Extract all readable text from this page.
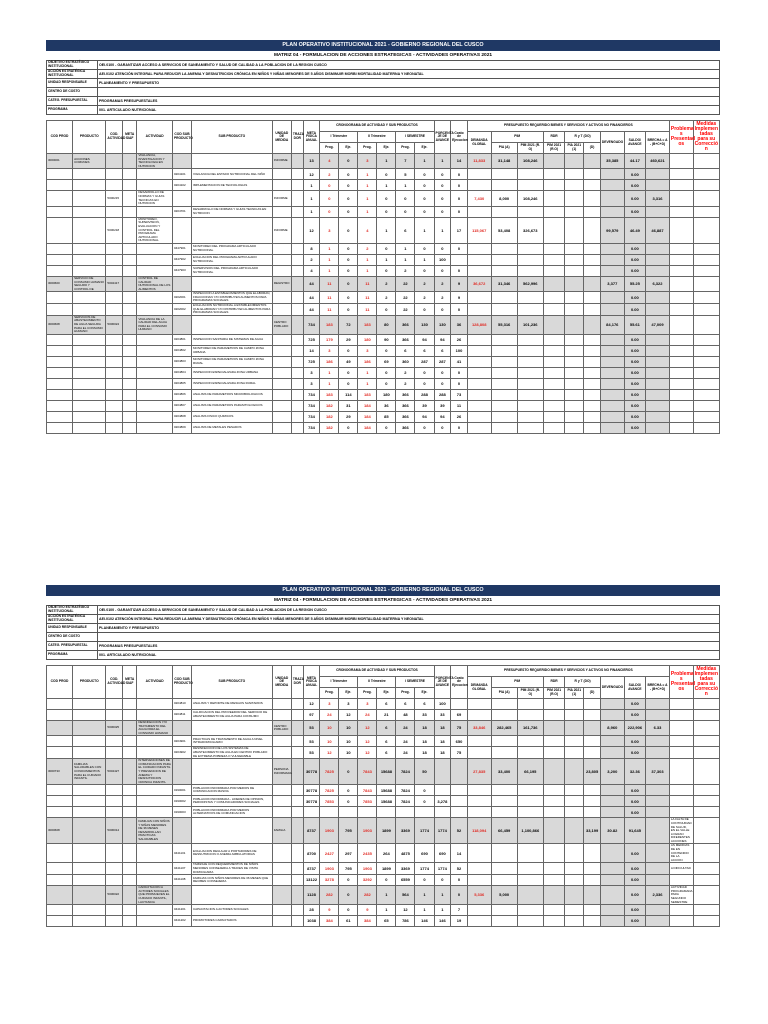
PLAN OPERATIVO INSTITUCIONAL 2021 - GOBIERNO REGIONAL DEL CUSCO
MATRIZ 04 - FORMULACION DE ACCIONES ESTRATEGICAS - ACTIVIDADES OPERATIVAS 2021
OBJETIVO ESTRATÉGICO INSTITUCIONAL	OEI.0100 - GARANTIZAR ACCESO A SERVICIOS DE SANEAMIENTO Y SALUD DE CALIDAD A LA POBLACION DE LA REGION CUSCO
ACCIÓN ESTRATÉGICA INSTITUCIONAL	AEI.0102 ATENCIÓN INTEGRAL PARA REDUCIR LA ANEMIA Y DESNUTRICION CRÓNICA EN NIÑOS Y NIÑAS MENORES DE 5 AÑOS DISMINUIR MORBI MORTALIDAD MATERNA Y NEONATAL
UNIDAD RESPONSABLE	PLANEAMIENTO Y PRESUPUESTO
CENTRO DE COSTO	
CATEG. PRESUPUESTAL	PROGRAMAS PRESUPUESTALES
PROGRAMA	001. ARTICULADO NUTRICIONAL
COD PROD	PRODUCTO	COD. ACTIVIDAD	META SIAF	ACTIVIDAD	COD SUB PRODUCTO	SUB PRODUCTO	UNIDAD DE MEDIDA	TRAZA DOR	META FISICA ANUAL	CRONOGRAMA DE ACTIVIDAD Y SUB PRODUCTOS						PORCENTA JE DE AVANCE	Costo de Ejecucion	PRESUPUESTO REQUERIDO BIENES Y SERVICIOS Y ACTIVOS NO FINANCIEROS									Problema s Presentad os	Medidas Implemen tadas para su Correcció n
										I Trimestre		II Trimestre		I SEMESTRE				DEMANDA GLOBAL	PIM		RDR	R y T (DO)		DEVENGADO	SALDO/ AVANCE	BRECHA = A - (B+C+D)		
										Prog.	Eje.	Prog.	Eje.	Prog.	Eje.				PIA (A)	PIM 2021 (R. O)	PIM 2021 (R.O)	PIA 2021 (1)	(D)					
3000001	ACCIONES COMUNES			VIGILANCIA, INVESTIGACION Y TECNOLOGIA EN NUTRICION			INFORME		13	4	0	3	1	7	1	1	14	11,833	31,148	108,246				35,385	44.17	460,621		
					0204101	VIGILANCIA DEL ESTADO NUTRICIONAL DEL NIÑO			12	2	0	1	0	5	0	0	0								0.00			
					0204102	IMPLEMENTACION DE TECNOLOGIAS			1	0	0	1	1	1	0	0	0								0.00			
		5000215		DESARROLLO DE NORMAS Y GUIAS TECNICAS EN NUTRICION			INFORME		1	0	0	1	0	0	0	0	0	7,430	8,000	108,246					0.00	3,316		
					0204701	DESARROLLO DE NORMAS Y GUIAS TECNICAS EN NUTRICION			1	0	0	1	0	0	0	0	0								0.00			
		5000218		MONITOREO, SUPERVISION, EVALUACION Y CONTROL DEL PROGRAMA ARTICULADO NUTRICIONAL			INFORME		12	3	0	4	1	6	1	1	17	115,067	53,408	326,673				99,579	46.49	46,887		
					0447901	MONITOREO DEL PROGRAMA ARTICULADO NUTRICIONAL			8	1	0	2	0	1	0	0	0								0.00			
					0447902	EVALUACION DEL PROGRAMA ARTICULADO NUTRICIONAL			2	1	0	1	1	1	1	100									0.00			
					0447903	SUPERVISION DEL PROGRAMA ARTICULADO NUTRICIONAL			4	1	0	1	0	2	0	0	0								0.00			
3000600	SERVICIO DE CONSUMO HUMANO SEGURO Y CONTROL DE	5004417		CONTROL DE CALIDAD NUTRICIONAL DE LOS ALIMENTOS			REGISTRO		44	11	0	11	2	22	2	2	9	36,672	31,346	562,996				3,377	55.25	6,322		
					0202001	INSPECCION A ESTABLECIMIENTOS QUE ELABORAN, FRACCIONAN Y/O DISTRIBUYEN ALIMENTOS PARA PROGRAMAS SOCIALES			44	11	0	11	2	22	2	2	9								0.00			
					0202002	EVALUACION NUTRICIONAL A ESTABLECIMIENTOS QUE ELABORAN Y/O DISTRIBUYEN ALIMENTOS PARA PROGRAMAS SOCIALES			44	11	0	11	0	22	0	0	0								0.00			
3000608	SERVICIOS DE ABASTECIMIENTO DE AGUA SEGURA PARA EL CONSUMO HUMANO	5006024		VIGILANCIA DE LA CALIDAD DEL AGUA PARA EL CONSUMO HUMANO			CENTRO POBLADO		734	183	72	183	80	366	130	130	36	128,808	55,316	101,236				84,176	55.61	47,009		
					0204801	INSPECCION SANITARIA DE SISTEMAS DE AGUA			725	179	29	180	90	366	94	94	26								0.00			
					0204802	MONITOREO DE PARAMETROS DE CAMPO ZONA URBANA			14	3	0	3	0	6	6	6	100								0.00			
					0204803	MONITOREO DE PARAMETROS DE CAMPO ZONA RURAL			725	186	49	186	69	360	287	287	41								0.00			
					0204804	INSPECCION ESPECIALIZADA ZONA URBANA			3	1	0	1	0	2	0	0	0								0.00			
					0204805	INSPECCION ESPECIALIZADA ZONA RURAL			3	1	0	1	0	2	0	0	0								0.00			
					0204806	ANALISIS DE PARAMETROS MICROBIOLOGICOS			734	183	114	183	180	366	288	288	73								0.00			
					0204807	ANALISIS DE PARAMETROS PARASITOLOGICOS			734	182	31	184	36	366	39	39	11								0.00			
					0204808	ANALISIS FISICO QUIMICOS			734	182	29	184	85	366	94	94	26								0.00			
					0204809	ANALISIS DE METALES PESADOS			734	182	0	184	0	366	0	0	0								0.00			
PLAN OPERATIVO INSTITUCIONAL 2021 - GOBIERNO REGIONAL DEL CUSCO
MATRIZ 04 - FORMULACION DE ACCIONES ESTRATEGICAS - ACTIVIDADES OPERATIVAS 2021
OBJETIVO ESTRATÉGICO INSTITUCIONAL	OEI.0100 - GARANTIZAR ACCESO A SERVICIOS DE SANEAMIENTO Y SALUD DE CALIDAD A LA POBLACION DE LA REGION CUSCO
ACCIÓN ESTRATÉGICA INSTITUCIONAL	AEI.0102 ATENCIÓN INTEGRAL PARA REDUCIR LA ANEMIA Y DESNUTRICION CRÓNICA EN NIÑOS Y NIÑAS MENORES DE 5 AÑOS DISMINUIR MORBI MORTALIDAD MATERNA Y NEONATAL
UNIDAD RESPONSABLE	PLANEAMIENTO Y PRESUPUESTO
CENTRO DE COSTO	
CATEG. PRESUPUESTAL	PROGRAMAS PRESUPUESTALES
PROGRAMA	001. ARTICULADO NUTRICIONAL
COD PROD	PRODUCTO	COD. ACTIVIDAD	META SIAF	ACTIVIDAD	COD SUB PRODUCTO	SUB PRODUCTO	UNIDAD DE MEDIDA	TRAZA DOR	META FISICA ANUAL	CRONOGRAMA DE ACTIVIDAD Y SUB PRODUCTOS						PORCENTA JE DE AVANCE	Costo de Ejecucion	PRESUPUESTO REQUERIDO BIENES Y SERVICIOS Y ACTIVOS NO FINANCIEROS									Problema s Presentad os	Medidas Implemen tadas para su Correcció n
										I Trimestre		II Trimestre		I SEMESTRE				DEMANDA GLOBAL	PIM		RDR	R y T (DO)		DEVENGADO	SALDO/ AVANCE	BRECHA = A - (B+C+D)		
										Prog.	Eje.	Prog.	Eje.	Prog.	Eje.				PIA (A)	PIM 2021 (R. O)	PIM 2021 (R.O)	PIA 2021 (1)	(D)					
					0204810	ANALISIS Y REPORTE DE RIESGOS SANITARIOS			12	3	3	3	6	6	6	100									0.00			
					0204811	CALIFICACION DEL PROVEEDOR DEL SERVICIO DE ABASTECIMIENTO DE AGUA PARA CONSUMO			97	24	12	24	21	48	33	33	69								0.00			
		5006025		DESINFECCION Y/O TRATAMIENTO DEL AGUA PARA EL CONSUMO HUMANO			CENTRO POBLADO		53	10	10	12	6	24	18	18	75	33,846	282,465	161,736				8,960	222,906	6.33		
					0204901	PRACTICAS DE TRATAMIENTO DE AGUA A NIVEL INTRADOMICILIARIO			53	10	10	12	6	24	18	18	650								0.00			
					0204902	DESINFECCION DE LOS SISTEMAS DE ABASTECIMIENTO DE AGUA EN CENTRO POBLADO DE EXTREMA POBREZA O VULNERABLE			53	12	10	12	6	24	18	18	75								0.00			
3000733	FAMILIAS SALUDABLES CON CONOCIMIENTOS PARA EL CUIDADO INFANTIL	5004427		INTERVENCIONES DE COMUNICACION PARA EL CUIDADO INFANTIL Y PREVENCION DE ANEMIA Y DESNUTRICION CRONICA INFANTIL			PERSONA INFORMADA		30778	7825	0	7843	15688	7824	50			27,835	33,400	66,195			23,805	3,200	32.36	37,303		
					0190001	POBLACION INFORMADA POR MEDIOS DE COMUNICACION MASIVA			30778	7825	0	7843	15688	7824	0										0.00			
					0190002	POBLACION INFORMADA - LIDERES DE OPINION, PERIODISTAS Y COMUNICADORES SOCIALES			30778	7853	0	7853	15688	7824	0	3,278									0.00			
					0190003	POBLACION INFORMADA POR MEDIOS ALTERNATIVOS DE COMUNICACION																			0.00			
3000608		5006014		FAMILIAS CON NIÑOS Y NIÑAS MENORES DE 36 MESES DESARROLLAN PRACTICAS SALUDABLES			FAMILIA		8737	1903	795	1903	1899	3369	1774	1774	52	118,094	66,459	1,100,866			33,199	30.82	91,645		LA FALTA DE CONTINUIDAD DE SALUD, EN EL VALLE LOGRAN DIFERENTES ACCIONES	
					0441101	EVALUACION REGULAR A PORTADORES DE DESNUTRICION O ANEMIA AMBULATORIAS			8700	2427	297	2435	264	4875	690	690	14								0.00		AS MEDIDAS DE EN CONTENIDO DE LA ACCION	
					0441107	TAMIZAJE CON REQUERIMIENTOS DE NIÑOS MENORES CONSEJERIA A TRAVES DE VISITA DOMICILIARIA			8737	1903	795	1903	1899	3369	1774	1774	52								0.00		A DIFICULTAD	
					0441108	FAMILIAS CON NIÑOS MENORES DE 36 MESES QUE RECIBEN CONSEJERIA			13122	3278	0	3292	0	6559	0	0	0								0.00			
		5006022		CAPACITACION A ACTORES SOCIALES QUE PROMUEVEN EL CUIDADO INFANTIL, LACTANCIA					1128	282	0	282	1	564	1	1	0	5,336	5,000						0.00	2,336	ACTIVIDAD PROGRAMADA PARA SEGUNDO SEMESTRE	
					0441201	CAPACITACION A ACTORES SOCIALES			28	9	0	9	1	12	1	1	7								0.00			
					0441202	PROMOTORES CAPACITADOS			1038	384	61	384	65	786	146	146	19								0.00			
